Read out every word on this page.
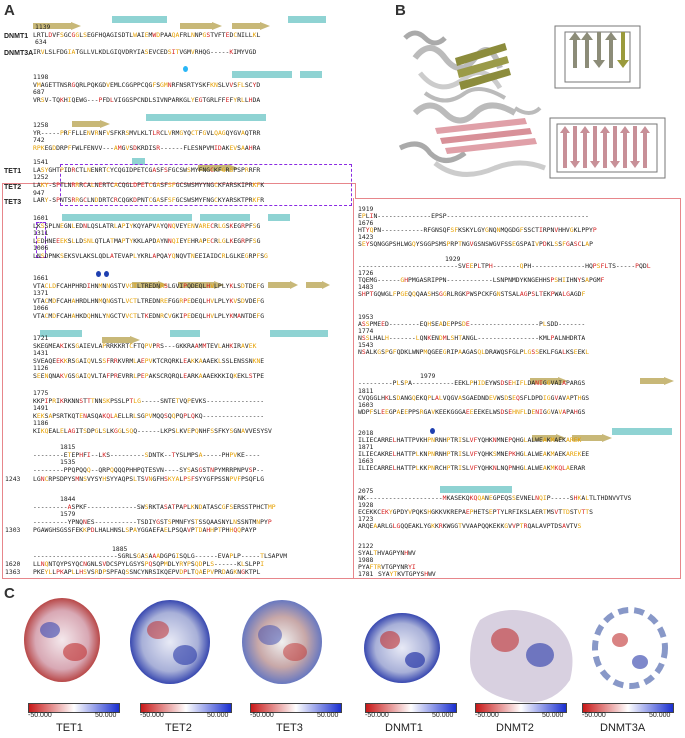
A	B
C
1139
DNMT1 LRTLDVFSGCGGLSEGFHQAGISDTLWAIEMWDPAAQAFRLNNPGSTVFTEDCNILLKL
634
DNMT3A IRVLSLFDGIATGLLVLKDLGIQVDRYIASEVCEDSITVGMVRHQG-----KIMYVGD
1198
VMAGETTNSRGQRLPQKGDVEMLCGGPPCQGFSGMNRFNSRTYSKFKNSLVVSFLSCYD
687
VRSV-TQKHIQEWG---PFDLVIGGSPCNDLSIVNPARKGLYEGTGRLFFEFYRLLHDA
1258
YR-----PRFFLLENVRNFVSFKRSMVLKLTLRCLVRMGYQCTFGVLQAGQYGVAQTRR
742
RPKEGDDRPFFWLFENVV---AMGVSDKRDISR------FLESNPVMIDAKEVSAAHRA
1541
TET1 LASYGHTPIDRCTLNENRTCYCQGIDPETCGASFSFGCSWSMYFNGCKFGRSPSPRRFR
1252
TET2 LAKY-SPTLNRRRCALNERTCACQGLDPETCGASFSFGCSWSMYYNGCKFARSKIPRKFK
947
TET3 LARY-SPNTSRRGCLNDDRTCRCQGKDPNTCGASFSFGCSWSMYFNGCKYARSKTPRKFR
1601
LKSSPLNEGNLEDNLQSLATRLAPIYKQYAPVAYQNQVEYENVARECRLGSKEGRPFSG
1311
LEDHNEEEKSLLDSNLQTLATMAPTYKKLAPDAYNNQIEYEHRAPECRLGLKEGRPFSG
1006
LNSDPNKSEKSVLAKSLQDLATEVAPLYKRLAPQAYQNQVTNEEIAIDCRLGLKEGRPFSG
1661
VTACLDFCAHPHRDIHNMNNGSTVVCTLTREDNRSLGVIPQDEQLHVLPLYKLSDTDEFG
1371
VTACMDFCAHAHRDLHNMQNGSTLVCTLTREDNREFGGRPEDEQLHVLPLYKVSDVDEFG
1066
VTACMDFCAHAHKDQHNLYNGCTVVCTLTKEDNRCVGKIPEDEQLHVLPLYKMANTDEFG
1721
SKEGMEAKIKSGAIEVLAPRRKKRTCFTQPVPRS---GKKRAAMMTEVLAHKIRAVEK
1431
SVEAQEEKKRSGAIQVLSSFRRKVRMLAEPVKTCRQRKLEAKKAAAEKLSSLENSSNKNE
1126
SEENQNAKVGSGAIQVLTAFPREVRRLPEPAKSCRQRQLEARKAAAEKKKIQKEKLSTPE
1775
KKPIPRIKRKNNSTTTNNSKPSSLPTLG-----SNTETVQPEVKS---------------
1491
KEKSAPSRTKQTENASQAKQLAELLRLSGPVMQQSQQPQPLQKQ----------------
1186
KIKQEALELAGITSDPGLSLKGGLSQQ------LKPSLKVEPQNHFSSFKYSGNAVVESYSV
1815
--------ETEPHFI--LKS---------SDNTK--TYSLMPSA-----PHPVKE----
1535
--------PPQPQQQ--QRPQQQQPHHPQTESVN----SYSASGSTNPYMRRPNPVSP--
1243 LGNCRPSDPYSMNSVYSYHSYYAQPSLTSVNGFHSKYALPSFSYYGFPSSNPVFPSQFLG
1844
---------ASPKF-------------SWSRKTASATPAPLKNDATASCGFSERSSTPHCTMP
1579
---------YPNQNES-----------TSDIYGSTSPMNFYSTSSQAASNYLNSSNTMNPYP
1303 PGAWGHSGSSFEKKPDLHALHNSLSPAYGGAEFAELPSQAVPTDAHHPTPHHQQPAYP
1885
----------------------SGRLSGASAAADGPGISQLG------EVAPLP-----TLSAPVM
1620 LLNQNTQYPSYQCNGNLSVDCSPYLGSYSPQSQPMDLYRYPSQDPLS------KLSLPPI
1363 PKEYLLPKAPLLHSVSRDPSPFAQSSNCYNRSIKQEPVDPLTQAEPVPRDAGKNGKTPL
1919
EPLIN--------------EPSP-------------------------------------
1676
HTYQPN-----------RFGNSQFSFKSKYLGYGNQNMQGDGFSSCTIRPNVHHVGKLPPYP
1423
SEYSQNGGPSHLWGQYSGGPSMSPRPTNGVGSNSWGVFSSEGSPAIVPDKLSSFGASCLAP
1929
--------------------------SVEEPLTPH-------QPH--------------HQPSFLTS-----PQDL
1726
TQEMG------GHPMGASRIPPN------------LSNPNMDYKNGEHHSPSHIIHNYSAPGMF
1483
SHPTGQWGLFPGEQQQAASHSGGRLRGKPWSPCKFGNSTSALAGPSLTEKPWALGAGDF
1953
ASSPMEED--------EQHSEADEPPSDE------------------PLSDD-------
1774
NSSLHALH-------LQNKENDMLSHTANGL----------------KMLPALNHDRTA
1543
NSALKGSPGFQDKLWNPMQGEEGRIPAAGASQLDRAWQSFGLPLGSSEKLFGALKSEEKL
1979
---------PLSPA-----------EEKLPHIDEYWSDSEHIFLDANIGGVAIAPARGS
1811
CVQGGLHKLSDANGQEKQPLALVQGVASGAEDNDEVWSDSEQSFLDPDIGGVAVAPTHGS
1603
WDPFSLEEGPAEEPPSRGAVKEEKGGGAEEEEKELWSDSEHNFLDENIGGVAVAPAHGS
2018
ILIECARRELHATTPVKHPNRNHPTRISLVFYQHKNMNEPQHGLALWEAKMAEKAREK
1871
ILIECAKRELHATTPLKNPNRNHPTRISLVFYQHKSMNEPKHGLALWEAKMAEKAREKEE
1663
ILIECARRELHATTPLKKPNRCHPTRISLVFYQHKNLNQPNHGLALWEAKMKQLAERAR
2075
NK--------------------MKASEKQKQQANEGPEQSSEVNELNQIP-----SHKALTLTHDNVVTVS
1928
ECEKKCEKYGPDYVPQKSHGKKVKREPAEPHETSEPTYLRFIKSLAERTMSVTTDSTVTTS
1723
ARQEAARLGLGQQEAKLYGKKRKWGGTVVAAPQQKEKKGVVPTRQALAVPTDSAVTVS
2122
SYALTHVAGPYNHWV
1988
PYAFTRVTGPYNRYI
1781 SYAYTKVTGPYSHWV
-50.000	50.000	-50.000	50.000	-50.000	50.000	-50.000	50.000	-50.000	50.000	-50.000	50.000
TET1	TET2	TET3	DNMT1	DNMT2	DNMT3A
